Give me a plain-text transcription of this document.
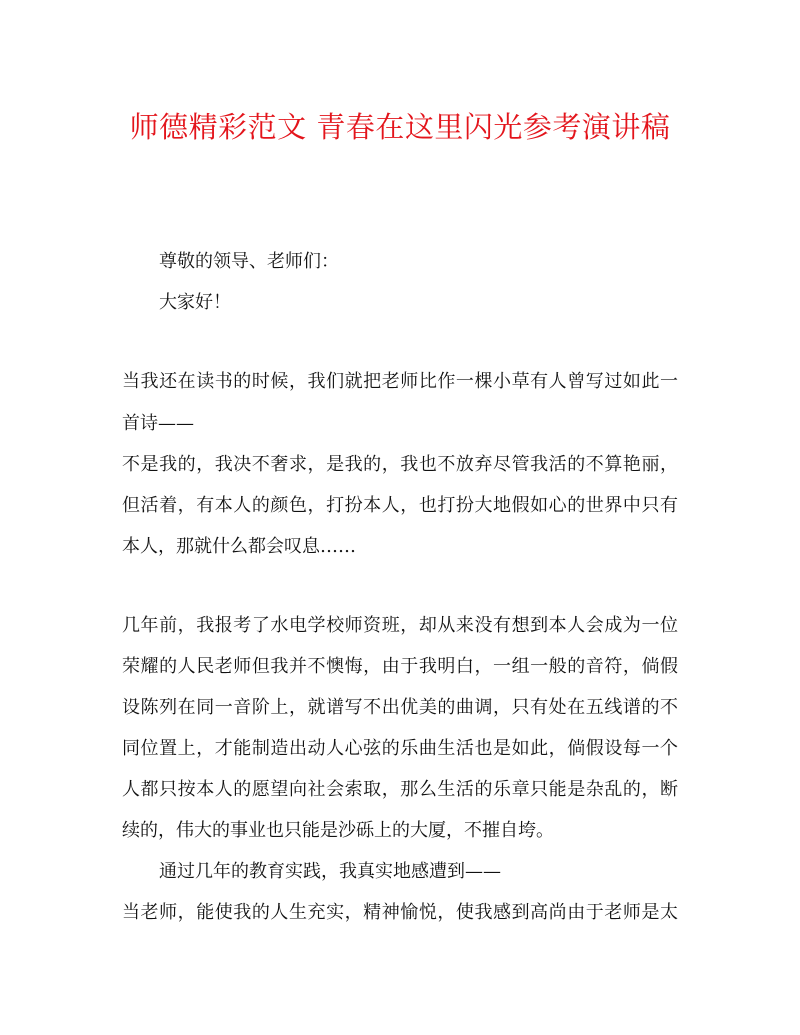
师德精彩范文 青春在这里闪光参考演讲稿
尊敬的领导、老师们：
大家好！
当我还在读书的时候，我们就把老师比作一棵小草有人曾写过如此一
首诗——
不是我的，我决不奢求，是我的，我也不放弃尽管我活的不算艳丽，
但活着，有本人的颜色，打扮本人，也打扮大地假如心的世界中只有
本人，那就什么都会叹息……
几年前，我报考了水电学校师资班，却从来没有想到本人会成为一位
荣耀的人民老师但我并不懊悔，由于我明白，一组一般的音符，倘假
设陈列在同一音阶上，就谱写不出优美的曲调，只有处在五线谱的不
同位置上，才能制造出动人心弦的乐曲生活也是如此，倘假设每一个
人都只按本人的愿望向社会索取，那么生活的乐章只能是杂乱的，断
续的，伟大的事业也只能是沙砾上的大厦，不摧自垮。
通过几年的教育实践，我真实地感遭到——
当老师，能使我的人生充实，精神愉悦，使我感到高尚由于老师是太
